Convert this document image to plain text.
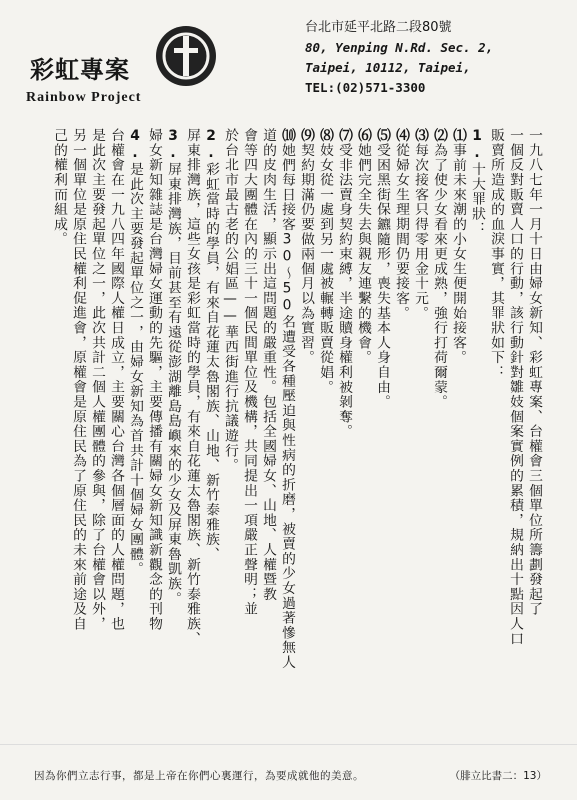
彩虹專案
Rainbow Project
台北市延平北路二段80號
80, Yenping N.Rd. Sec. 2,
Taipei, 10112, Taipei,
TEL:(02)571-3300
一九八七年一月十日由婦女新知、彩虹專案、台權會三個單位所籌劃發起了
一個反對販賣人口的行動，該行動針對雛妓個案實例的累積，規納出十點因人口
販賣所造成的血淚事實，其罪狀如下：
1.十大罪狀：
⑴事前未來潮的小女生便開始接客。
⑵為了使少女看來更成熟，強行打荷爾蒙。
⑶每次接客只得零用金十元。
⑷從婦女生理期間仍要接客。
⑸受困黑街保鑣隨形，喪失基本人身自由。
⑹她們完全失去與親友連繫的機會。
⑺受非法賣身契約束縛，半途贖身權利被剝奪。
⑻妓女從一處到另一處被輾轉販賣從娼。
⑼契約期滿仍要做兩個月以為實習。
⑽她們每日接客30～50名遭受各種壓迫與性病的折磨，被賣的少女過著慘無人
道的皮肉生活，顯示出這問題的嚴重性。包括全國婦女、山地、人權暨教
會等四大團體在內的三十一個民間單位及機構，共同提出一項嚴正聲明；並
於台北市最古老的公娼區——華西街進行抗議遊行。
2.彩虹當時的學員，有來自花蓮太魯閣族、山地、新竹泰雅族、
屏東排灣族，這些女孩是彩虹當時的學員，有來自花蓮太魯閣族、新竹泰雅族、
3.屏東排灣族，目前甚至有遠從澎湖離島島嶼來的少女及屏東魯凱族。
婦女新知雜誌是台灣婦女運動的先驅，主要傳播有關婦女新知識新觀念的刊物
4.是此次主要發起單位之一，由婦女新知為首共計十個婦女團體。
台權會在一九八四年國際人權日成立，主要關心台灣各個層面的人權問題，也
是此次主要發起單位之一，此次共計二個人權團體的參與，除了台權會以外，
另一個單位是原住民權利促進會，原權會是原住民為了原住民的未來前途及自
己的權利而組成。
因為你們立志行事，都是上帝在你們心裏運行，為要成就他的美意。	（腓立比書二：13）
